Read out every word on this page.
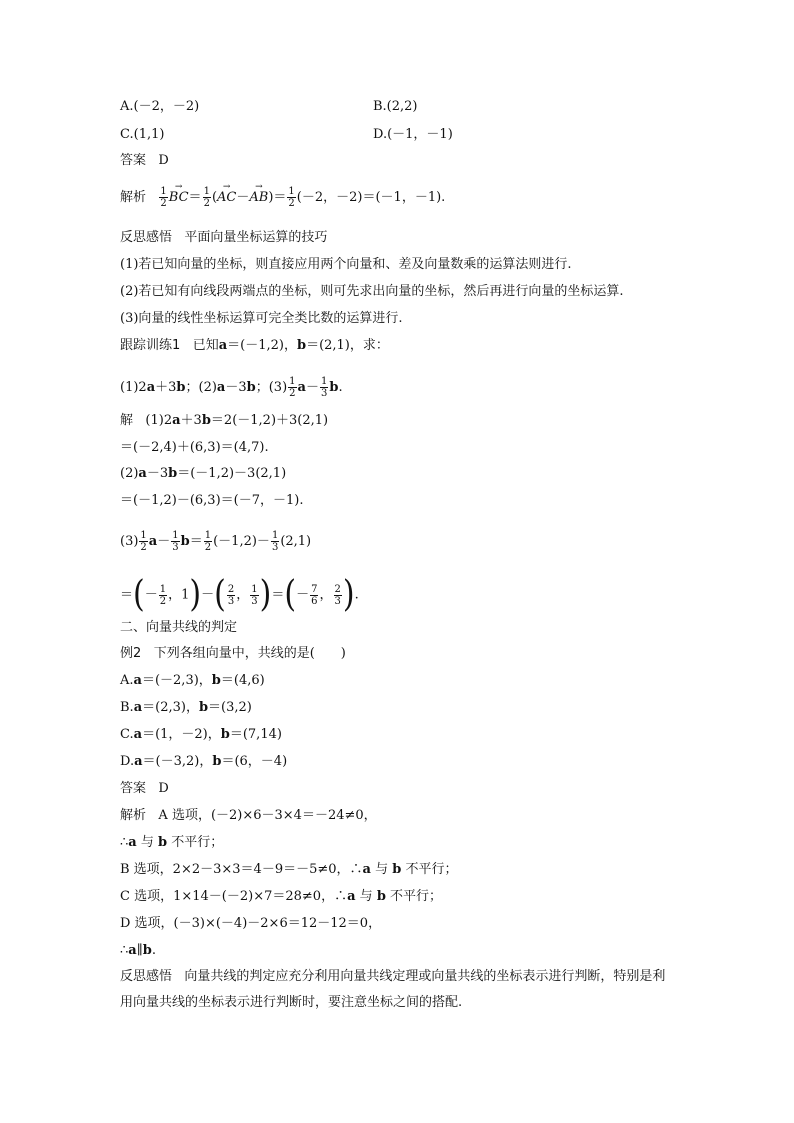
A.(－2，－2)	B.(2,2)
C.(1,1)	D.(－1，－1)
答案 D
解析 $\frac{1}{2}$
→ $BC= \frac{1}{2}$ (→ $AC-\to AB)= \frac{1}{2} (-2$，－2)＝(－1，－1).
反思感悟 平面向量坐标运算的技巧
(1)若已知向量的坐标，则直接应用两个向量和、差及向量数乘的运算法则进行.
(2)若已知有向线段两端点的坐标，则可先求出向量的坐标，然后再进行向量的坐标运算.
(3)向量的线性坐标运算可完全类比数的运算进行.
跟踪训练1 已知a＝(－1,2)，b＝(2,1)，求：
(1)2a＋3b；(2)a－3b；$(3) \frac{1}{2} a- \frac{1}{3} b$.
解 (1)2a＋3b＝2(－1,2)＋3(2,1)
＝(－2,4)＋(6,3)＝(4,7).
(2)a－3b＝(－1,2)－3(2,1)
＝(－1,2)－(6,3)＝(－7，－1).
$(3) \frac{1}{2} a- \frac{1}{3} b= \frac{1}{2} (-1,2)- \frac{1}{3} (2,1)$
＝(－ $\frac{1}{2}$ ，$1)-( \frac{2}{3}$ ， $\frac{1}{3}$ )＝(－ $\frac{7}{6}$ ， $\frac{2}{3}$ ).
二、向量共线的判定
例2 下列各组向量中，共线的是(　　)
A.a＝(－2,3)，b＝(4,6)
B.a＝(2,3)，b＝(3,2)
C.a＝(1，－2)，b＝(7,14)
D.a＝(－3,2)，b＝(6，－4)
答案 D
解析 A 选项，(－2)×6－3×4＝－24≠0，
∴a 与 b 不平行；
B 选项，2×2－3×3＝4－9＝－5≠0，∴a 与 b 不平行；
C 选项，1×14－(－2)×7＝28≠0，∴a 与 b 不平行；
D 选项，(－3)×(－4)－2×6＝12－12＝0，
∴a∥b.
反思感悟 向量共线的判定应充分利用向量共线定理或向量共线的坐标表示进行判断，特别是利用向量共线的坐标表示进行判断时，要注意坐标之间的搭配.
